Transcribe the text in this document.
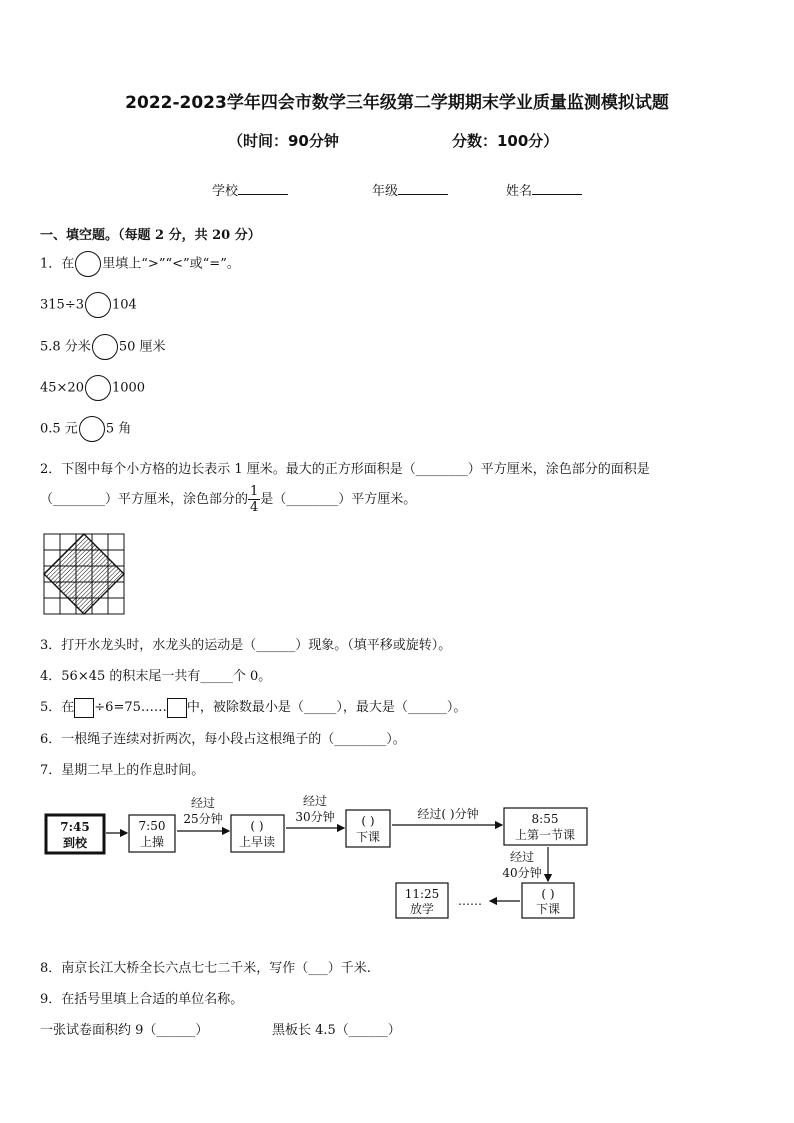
2022-2023学年四会市数学三年级第二学期期末学业质量监测模拟试题
（时间：90分钟	分数：100分）
学校	年级	姓名
一、填空题。（每题 2 分，共 20 分）
1．在 里填上“>”“<”或“=”。
315÷3 104
5.8 分米 50 厘米
45×20 1000
0.5 元 5 角
2．下图中每个小方格的边长表示 1 厘米。最大的正方形面积是（________）平方厘米，涂色部分的面积是
（________）平方厘米，涂色部分的 $\frac{1}{4}$ 是（________）平方厘米。
3．打开水龙头时，水龙头的运动是（______）现象。（填平移或旋转）。
4．56×45 的积末尾一共有_____个 0。
5．在 ÷6=75…… 中，被除数最小是（_____），最大是（______）。
6．一根绳子连续对折两次，每小段占这根绳子的（________）。
7．星期二早上的作息时间。
7:45
到校
7:50
上操
经过
25分钟 ( )
上早读
经过
30分钟 ( )
下课
经过( )分钟	8:55
上第一节课
经过
40分钟
( )
下课
……
11:25
放学
8．南京长江大桥全长六点七七二千米，写作（___）千米.
9．在括号里填上合适的单位名称。
一张试卷面积约 9（______）	黑板长 4.5（______）
